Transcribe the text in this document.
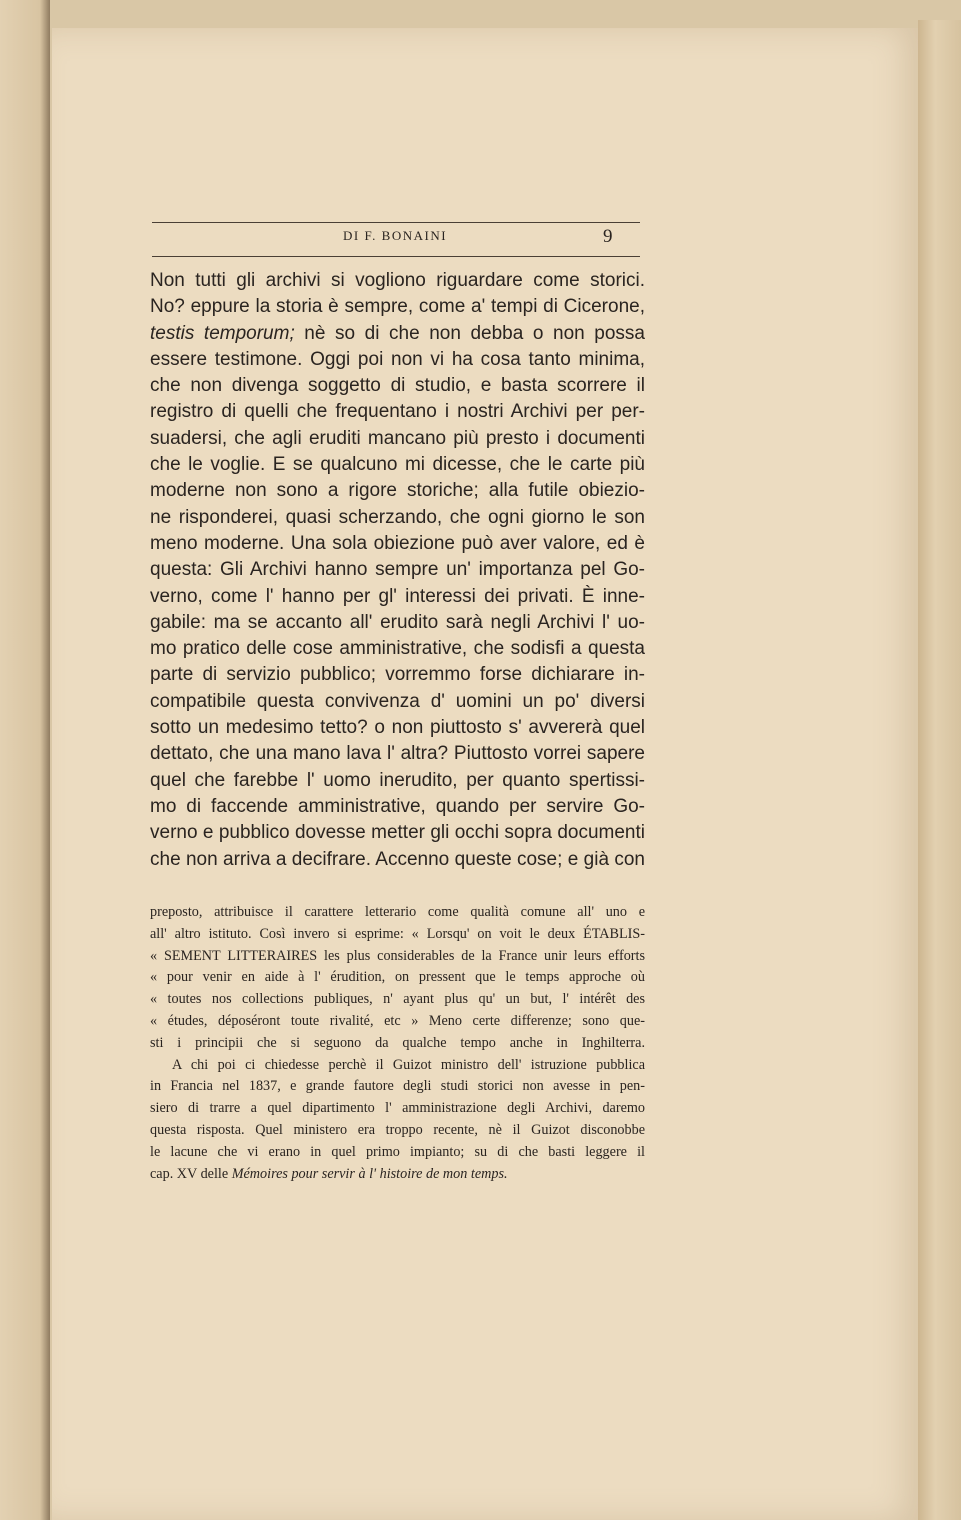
DI F. BONAINI	9
Non tutti gli archivi si vogliono riguardare come storici.
No? eppure la storia è sempre, come a' tempi di Cicerone,
testis temporum; nè so di che non debba o non possa
essere testimone. Oggi poi non vi ha cosa tanto minima,
che non divenga soggetto di studio, e basta scorrere il
registro di quelli che frequentano i nostri Archivi per per-
suadersi, che agli eruditi mancano più presto i documenti
che le voglie. E se qualcuno mi dicesse, che le carte più
moderne non sono a rigore storiche; alla futile obiezio-
ne risponderei, quasi scherzando, che ogni giorno le son
meno moderne. Una sola obiezione può aver valore, ed è
questa: Gli Archivi hanno sempre un' importanza pel Go-
verno, come l' hanno per gl' interessi dei privati. È inne-
gabile: ma se accanto all' erudito sarà negli Archivi l' uo-
mo pratico delle cose amministrative, che sodisfi a questa
parte di servizio pubblico; vorremmo forse dichiarare in-
compatibile questa convivenza d' uomini un po' diversi
sotto un medesimo tetto? o non piuttosto s' avvererà quel
dettato, che una mano lava l' altra? Piuttosto vorrei sapere
quel che farebbe l' uomo inerudito, per quanto spertissi-
mo di faccende amministrative, quando per servire Go-
verno e pubblico dovesse metter gli occhi sopra documenti
che non arriva a decifrare. Accenno queste cose; e già con
preposto, attribuisce il carattere letterario come qualità comune all' uno e
all' altro istituto. Così invero si esprime: « Lorsqu' on voit le deux ÉTABLIS-
« SEMENT LITTERAIRES les plus considerables de la France unir leurs efforts
« pour venir en aide à l' érudition, on pressent que le temps approche où
« toutes nos collections publiques, n' ayant plus qu' un but, l' intérêt des
« études, déposéront toute rivalité, etc » Meno certe differenze; sono que-
sti i principii che si seguono da qualche tempo anche in Inghilterra.
A chi poi ci chiedesse perchè il Guizot ministro dell' istruzione pubblica
in Francia nel 1837, e grande fautore degli studi storici non avesse in pen-
siero di trarre a quel dipartimento l' amministrazione degli Archivi, daremo
questa risposta. Quel ministero era troppo recente, nè il Guizot disconobbe
le lacune che vi erano in quel primo impianto; su di che basti leggere il
cap. XV delle Mémoires pour servir à l' histoire de mon temps.
